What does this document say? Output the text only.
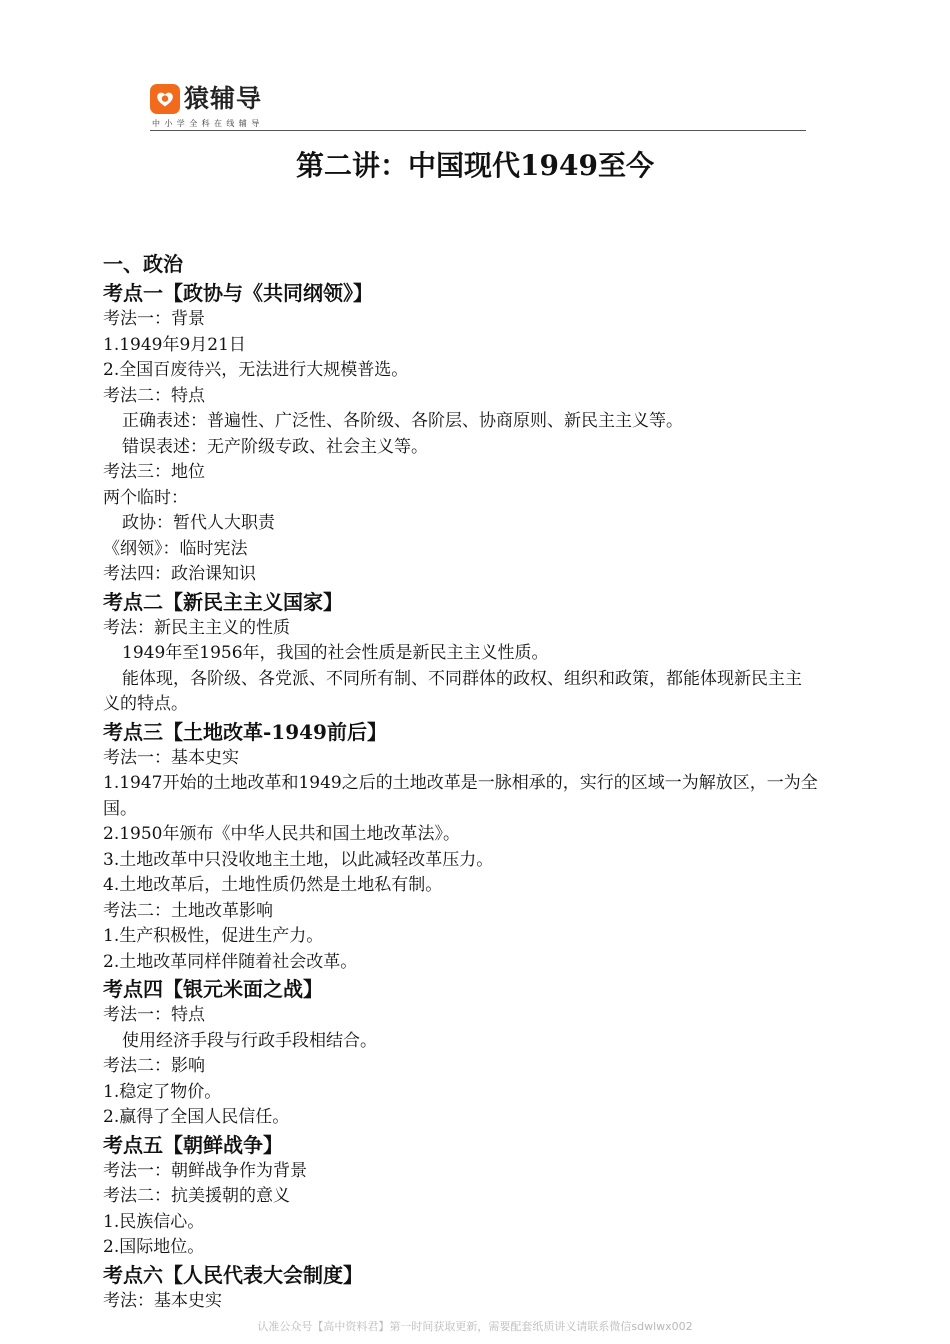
猿辅导
中小学全科在线辅导
第二讲：中国现代1949至今
一、政治
考点一【政协与《共同纲领》】
考法一：背景
1.1949年9月21日
2.全国百废待兴，无法进行大规模普选。
考法二：特点
正确表述：普遍性、广泛性、各阶级、各阶层、协商原则、新民主主义等。
错误表述：无产阶级专政、社会主义等。
考法三：地位
两个临时：
政协：暂代人大职责
《纲领》：临时宪法
考法四：政治课知识
考点二【新民主主义国家】
考法：新民主主义的性质
1949年至1956年，我国的社会性质是新民主主义性质。
能体现，各阶级、各党派、不同所有制、不同群体的政权、组织和政策，都能体现新民主主
义的特点。
考点三【土地改革-1949前后】
考法一：基本史实
1.1947开始的土地改革和1949之后的土地改革是一脉相承的，实行的区域一为解放区，一为全
国。
2.1950年颁布《中华人民共和国土地改革法》。
3.土地改革中只没收地主土地，以此减轻改革压力。
4.土地改革后，土地性质仍然是土地私有制。
考法二：土地改革影响
1.生产积极性，促进生产力。
2.土地改革同样伴随着社会改革。
考点四【银元米面之战】
考法一：特点
使用经济手段与行政手段相结合。
考法二：影响
1.稳定了物价。
2.赢得了全国人民信任。
考点五【朝鲜战争】
考法一：朝鲜战争作为背景
考法二：抗美援朝的意义
1.民族信心。
2.国际地位。
考点六【人民代表大会制度】
考法：基本史实
认准公众号【高中资料君】第一时间获取更新，需要配套纸质讲义请联系微信sdwlwx002
